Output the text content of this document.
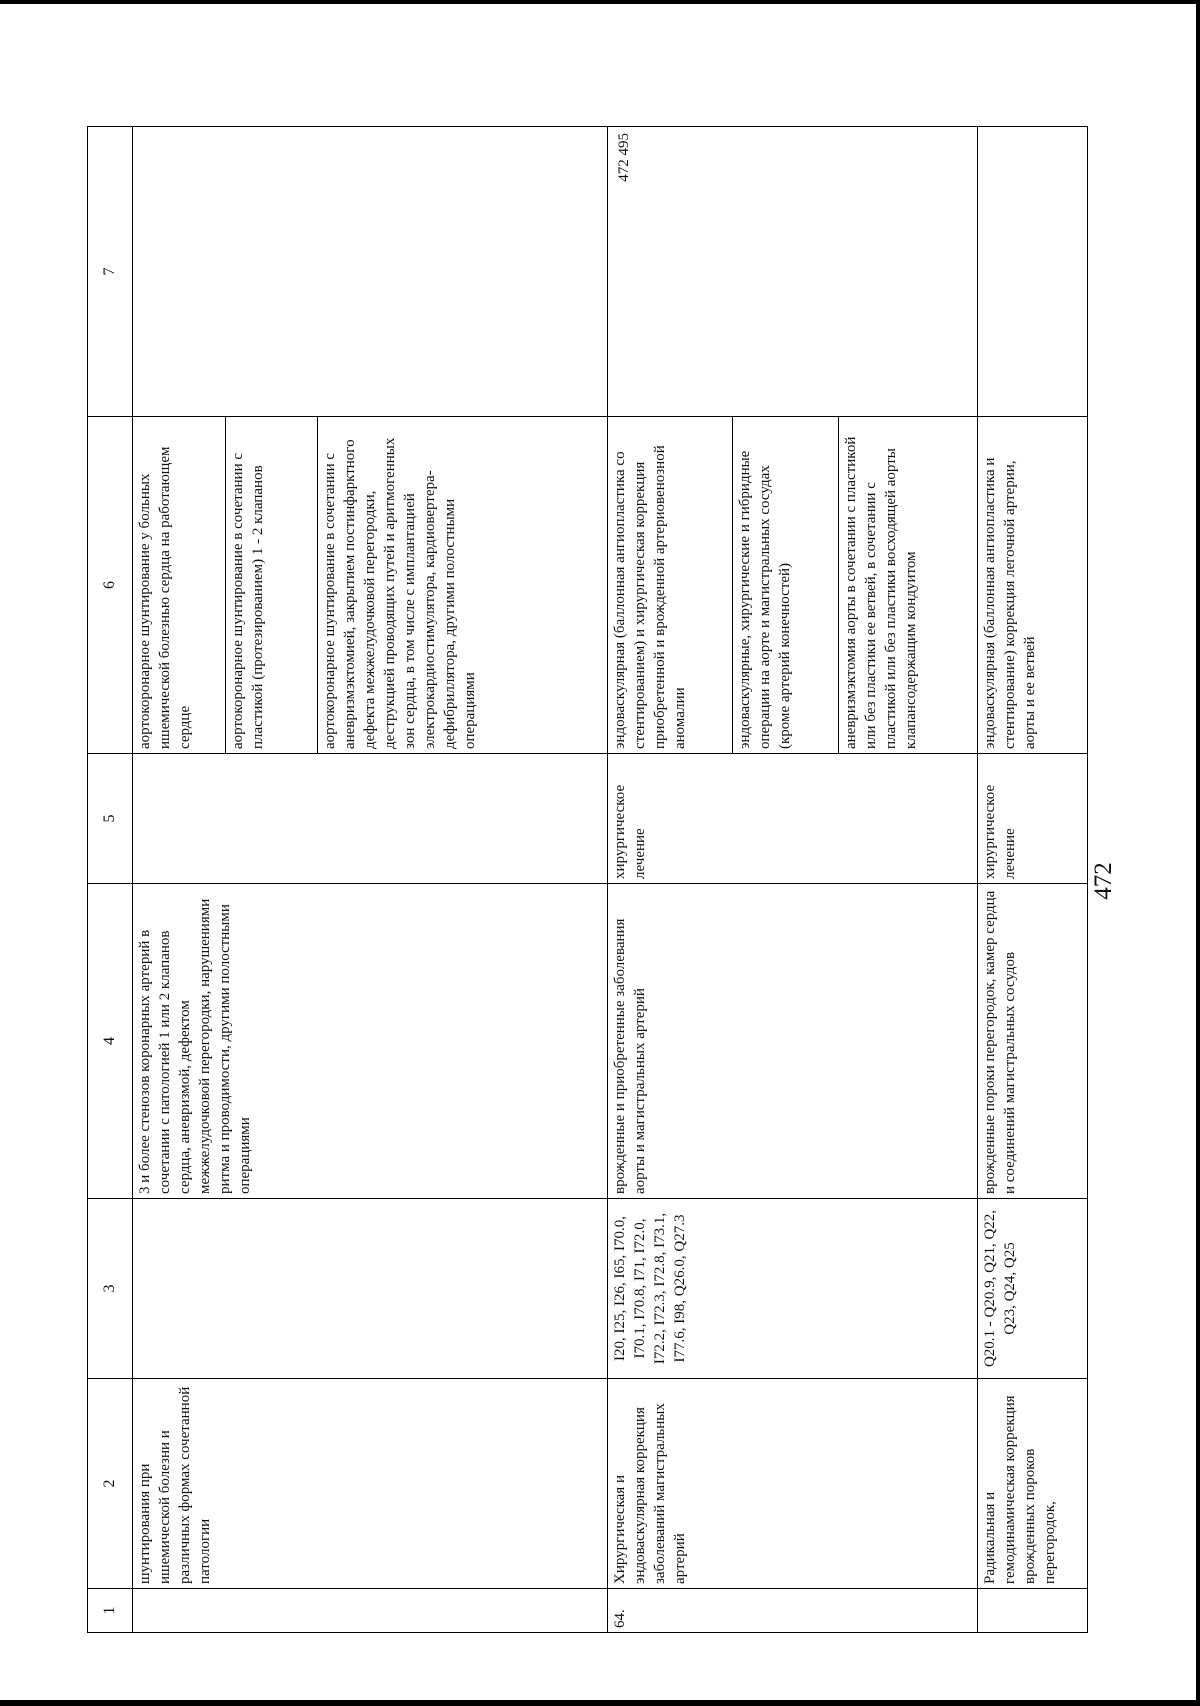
472
1	2	3	4	5	6	7
	шунтирования при ишемической болезни и различных формах сочетанной патологии		3 и более стенозов коронарных артерий в сочетании с патологией 1 или 2 клапанов сердца, аневризмой, дефектом межжелудочковой перегородки, нарушениями ритма и проводимости, другими полостными операциями		аортокоронарное шунтирование у больных ишемической болезнью сердца на работающем сердце	
					аортокоронарное шунтирование в сочетании с пластикой (протезированием) 1 - 2 клапанов	
					аортокоронарное шунтирование в сочетании с аневризмэктомией, закрытием постинфарктного дефекта межжелудочковой перегородки, деструкцией проводящих путей и аритмогенных зон сердца, в том числе с имплантацией электрокардиостимулятора, кардиовертера-дефибриллятора, другими полостными операциями	
64.	Хирургическая и эндоваскулярная коррекция заболеваний магистральных артерий	I20, I25, I26, I65, I70.0, I70.1, I70.8, I71, I72.0, I72.2, I72.3, I72.8, I73.1, I77.6, I98, Q26.0, Q27.3	врожденные и приобретенные заболевания аорты и магистральных артерий	хирургическое лечение	эндоваскулярная (баллонная ангиопластика со стентированием) и хирургическая коррекция приобретенной и врожденной артериовенозной аномалии	472 495
					эндоваскулярные, хирургические и гибридные операции на аорте и магистральных сосудах (кроме артерий конечностей)	
					аневризмэктомия аорты в сочетании с пластикой или без пластики ее ветвей, в сочетании с пластикой или без пластики восходящей аорты клапансодержащим кондуитом	
	Радикальная и гемодинамическая коррекция врожденных пороков перегородок,	Q20.1 - Q20.9, Q21, Q22, Q23, Q24, Q25	врожденные пороки перегородок, камер сердца и соединений магистральных сосудов	хирургическое лечение	эндоваскулярная (баллонная ангиопластика и стентирование) коррекция легочной артерии, аорты и ее ветвей	
